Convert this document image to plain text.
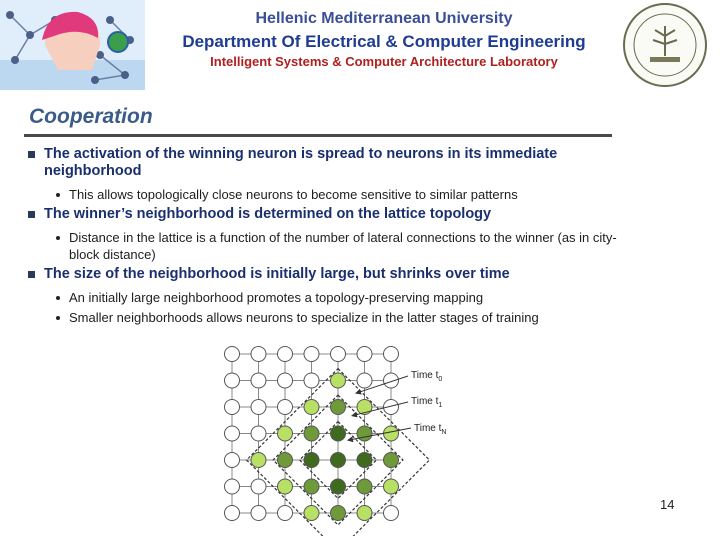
Hellenic Mediterranean University
Department Of Electrical & Computer Engineering
Intelligent Systems & Computer Architecture Laboratory
Cooperation
The activation of the winning neuron is spread to neurons in its immediate neighborhood
This allows topologically close neurons to become sensitive to similar patterns
The winner’s neighborhood is determined on the lattice topology
Distance in the lattice is a function of the number of lateral connections to the winner (as in city-block distance)
The size of the neighborhood is initially large, but shrinks over time
An initially large neighborhood promotes a topology-preserving mapping
Smaller neighborhoods allows neurons to specialize in the latter stages of training
Time $t_0$
Time $t_1$
Time $t_N$
14
